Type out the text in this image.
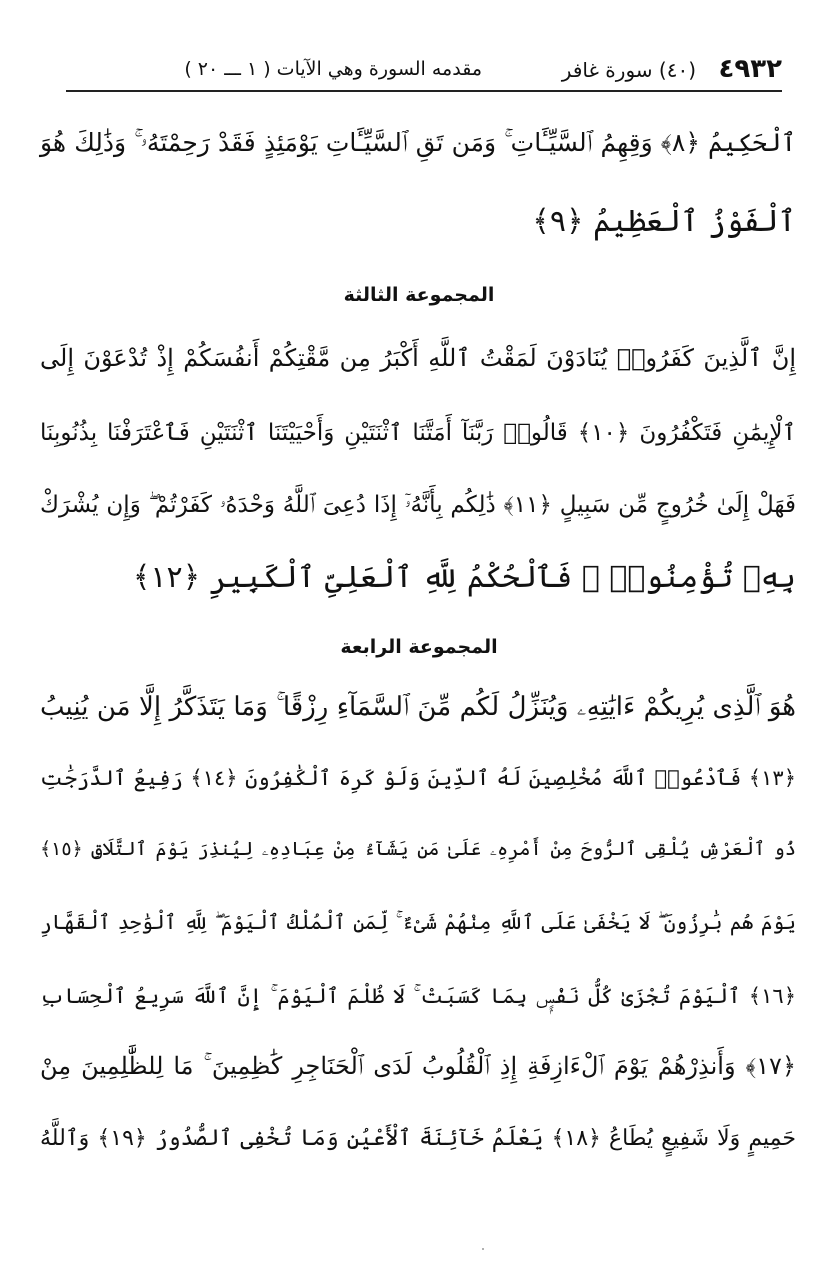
٤٩٣٢
(٤٠) سورة غافر
مقدمه السورة وهي الآيات ( ١ ـــ ٢٠ )
ٱلْحَكِيمُ ﴿٨﴾ وَقِهِمُ ٱلسَّيِّـَٔاتِ ۚ وَمَن تَقِ ٱلسَّيِّـَٔاتِ يَوْمَئِذٍ فَقَدْ رَحِمْتَهُۥ ۚ وَذَٰلِكَ هُوَ
ٱلْفَوْزُ ٱلْعَظِيمُ ﴿٩﴾
المجموعة الثالثة
إِنَّ ٱلَّذِينَ كَفَرُوا۟ يُنَادَوْنَ لَمَقْتُ ٱللَّهِ أَكْبَرُ مِن مَّقْتِكُمْ أَنفُسَكُمْ إِذْ تُدْعَوْنَ إِلَى
ٱلْإِيمَٰنِ فَتَكْفُرُونَ ﴿١٠﴾ قَالُوا۟ رَبَّنَآ أَمَتَّنَا ٱثْنَتَيْنِ وَأَحْيَيْتَنَا ٱثْنَتَيْنِ فَٱعْتَرَفْنَا بِذُنُوبِنَا
فَهَلْ إِلَىٰ خُرُوجٍ مِّن سَبِيلٍ ﴿١١﴾ ذَٰلِكُم بِأَنَّهُۥٓ إِذَا دُعِىَ ٱللَّهُ وَحْدَهُۥ كَفَرْتُمْ ۖ وَإِن يُشْرَكْ
بِهِۦ تُؤْمِنُوا۟ ۚ فَٱلْحُكْمُ لِلَّهِ ٱلْعَلِىِّ ٱلْكَبِيرِ ﴿١٢﴾
المجموعة الرابعة
هُوَ ٱلَّذِى يُرِيكُمْ ءَايَٰتِهِۦ وَيُنَزِّلُ لَكُم مِّنَ ٱلسَّمَآءِ رِزْقًا ۚ وَمَا يَتَذَكَّرُ إِلَّا مَن يُنِيبُ
﴿١٣﴾ فَٱدْعُوا۟ ٱللَّهَ مُخْلِصِينَ لَهُ ٱلدِّينَ وَلَوْ كَرِهَ ٱلْكَٰفِرُونَ ﴿١٤﴾ رَفِيعُ ٱلدَّرَجَٰتِ
ذُو ٱلْعَرْشِ يُلْقِى ٱلرُّوحَ مِنْ أَمْرِهِۦ عَلَىٰ مَن يَشَآءُ مِنْ عِبَادِهِۦ لِيُنذِرَ يَوْمَ ٱلتَّلَاقِ ﴿١٥﴾
يَوْمَ هُم بَٰرِزُونَ ۖ لَا يَخْفَىٰ عَلَى ٱللَّهِ مِنْهُمْ شَىْءٌ ۚ لِّمَنِ ٱلْمُلْكُ ٱلْيَوْمَ ۖ لِلَّهِ ٱلْوَٰحِدِ ٱلْقَهَّارِ
﴿١٦﴾ ٱلْيَوْمَ تُجْزَىٰ كُلُّ نَفْسٍۭ بِمَا كَسَبَتْ ۚ لَا ظُلْمَ ٱلْيَوْمَ ۚ إِنَّ ٱللَّهَ سَرِيعُ ٱلْحِسَابِ
﴿١٧﴾ وَأَنذِرْهُمْ يَوْمَ ٱلْءَازِفَةِ إِذِ ٱلْقُلُوبُ لَدَى ٱلْحَنَاجِرِ كَٰظِمِينَ ۚ مَا لِلظَّٰلِمِينَ مِنْ
حَمِيمٍ وَلَا شَفِيعٍ يُطَاعُ ﴿١٨﴾ يَعْلَمُ خَآئِنَةَ ٱلْأَعْيُنِ وَمَا تُخْفِى ٱلصُّدُورُ ﴿١٩﴾ وَٱللَّهُ
